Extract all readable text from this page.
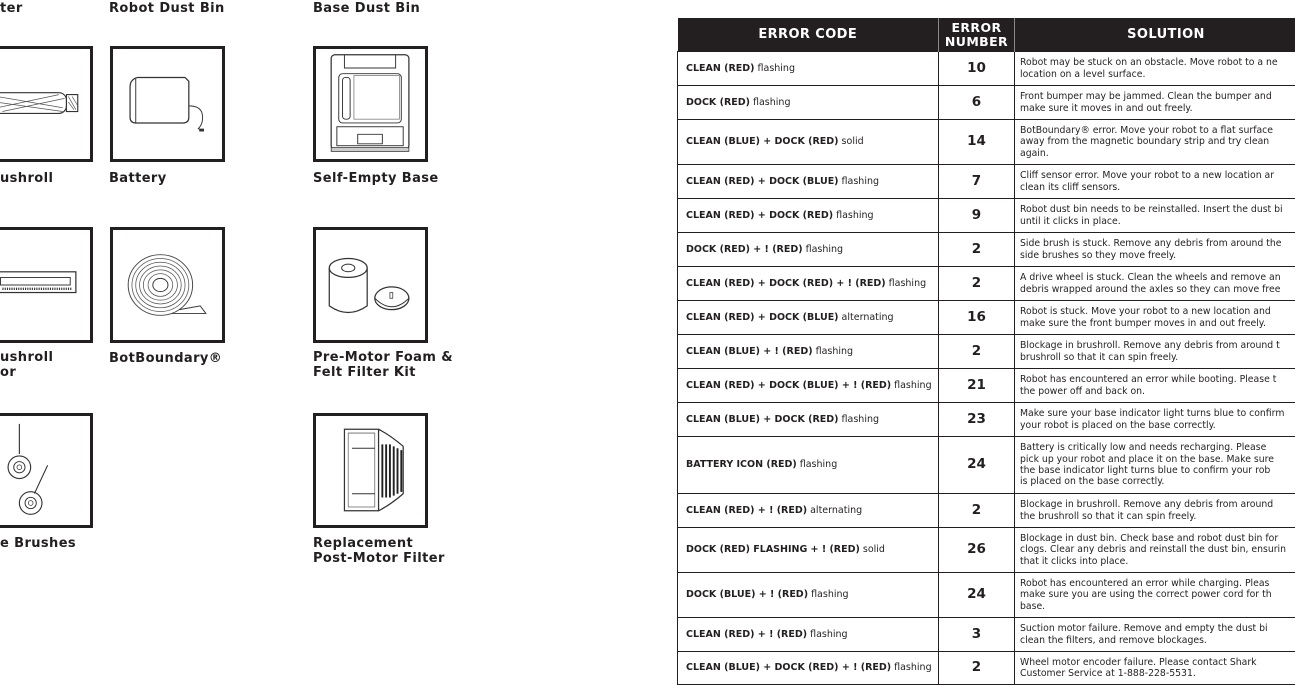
ter	Robot Dust Bin	Base Dust Bin

ushroll	Battery	Self-Empty Base

ushroll

or

BotBoundary®	Pre-Motor Foam &

Felt Filter Kit

e Brushes	Replacement

Post-Motor Filter

ERROR CODE	ERROR
NUMBER	SOLUTION
CLEAN (RED) flashing	10	Robot may be stuck on an obstacle. Move robot to a ne
location on a level surface.
DOCK (RED) flashing	6	Front bumper may be jammed. Clean the bumper and
make sure it moves in and out freely.
CLEAN (BLUE) + DOCK (RED) solid	14	BotBoundary® error. Move your robot to a flat surface
away from the magnetic boundary strip and try clean
again.
CLEAN (RED) + DOCK (BLUE) flashing	7	Cliff sensor error. Move your robot to a new location ar
clean its cliff sensors.
CLEAN (RED) + DOCK (RED) flashing	9	Robot dust bin needs to be reinstalled. Insert the dust bi
until it clicks in place.
DOCK (RED) + ! (RED) flashing	2	Side brush is stuck. Remove any debris from around the
side brushes so they move freely.
CLEAN (RED) + DOCK (RED) + ! (RED) flashing	2	A drive wheel is stuck. Clean the wheels and remove an
debris wrapped around the axles so they can move free
CLEAN (RED) + DOCK (BLUE) alternating	16	Robot is stuck. Move your robot to a new location and
make sure the front bumper moves in and out freely.
CLEAN (BLUE) + ! (RED) flashing	2	Blockage in brushroll. Remove any debris from around t
brushroll so that it can spin freely.
CLEAN (RED) + DOCK (BLUE) + ! (RED) flashing	21	Robot has encountered an error while booting. Please t
the power off and back on.
CLEAN (BLUE) + DOCK (RED) flashing	23	Make sure your base indicator light turns blue to confirm
your robot is placed on the base correctly.
BATTERY ICON (RED) flashing	24	Battery is critically low and needs recharging. Please
pick up your robot and place it on the base. Make sure
the base indicator light turns blue to confirm your rob
is placed on the base correctly.
CLEAN (RED) + ! (RED) alternating	2	Blockage in brushroll. Remove any debris from around
the brushroll so that it can spin freely.
DOCK (RED) FLASHING + ! (RED) solid	26	Blockage in dust bin. Check base and robot dust bin for
clogs. Clear any debris and reinstall the dust bin, ensurin
that it clicks into place.
DOCK (BLUE) + ! (RED) flashing	24	Robot has encountered an error while charging. Pleas
make sure you are using the correct power cord for th
base.
CLEAN (RED) + ! (RED) flashing	3	Suction motor failure. Remove and empty the dust bi
clean the filters, and remove blockages.
CLEAN (BLUE) + DOCK (RED) + ! (RED) flashing	2	Wheel motor encoder failure. Please contact Shark
Customer Service at 1-888-228-5531.
